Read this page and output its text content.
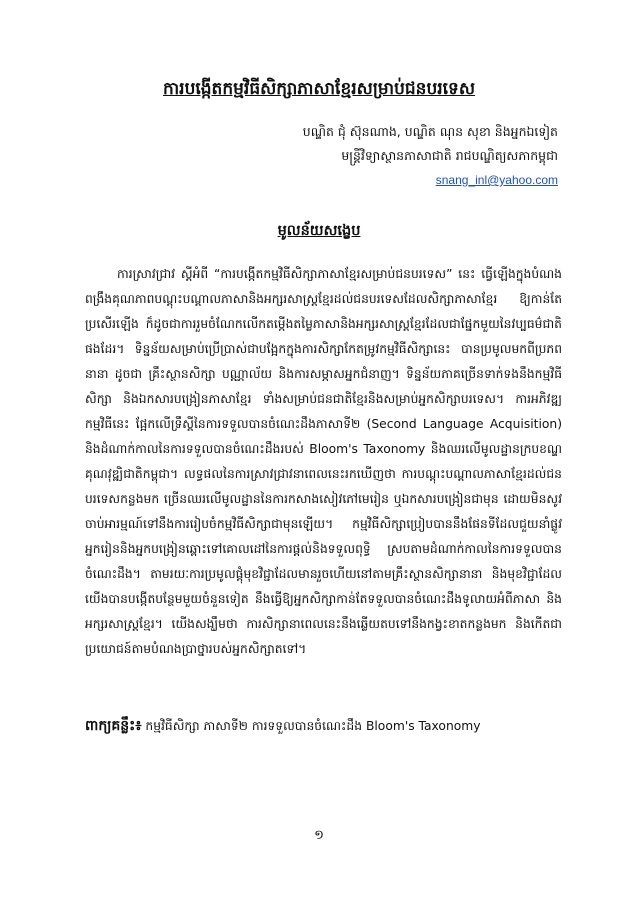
ការបង្កើតកម្មវិធីសិក្សាភាសាខ្មែរសម្រាប់ជនបរទេស
បណ្ឌិត ជុំ ស៊ុនណាង, បណ្ឌិត ណុន សុខា និងអ្នកឯទៀត
មន្ត្រីវិទ្យាស្ថានភាសាជាតិ រាជបណ្ឌិត្យសភាកម្ពុជា
snang_inl@yahoo.com
មូលន័យសង្ខេប

ការស្រាវជ្រាវ ស្ដីអំពី “ការបង្កើតកម្មវិធីសិក្សាភាសាខ្មែរសម្រាប់ជនបរទេស” នេះ ធ្វើឡើងក្នុងបំណងពង្រឹងគុណភាពបណ្ដុះបណ្ដាលភាសានិងអក្សរសាស្ត្រខ្មែរដល់ជនបរទេសដែលសិក្សាភាសាខ្មែរ ឱ្យកាន់តែប្រសើរឡើង ក៏ដូចជាការរួមចំណែកលើកតម្កើងតម្លៃភាសានិងអក្សរសាស្ត្រខ្មែរដែលជាផ្នែកមួយនៃវប្បធម៌ជាតិផងដែរ។ ទិន្នន័យសម្រាប់ប្រើប្រាស់ជាបង្អែកក្នុងការសិក្សាកែតម្រូវកម្មវិធីសិក្សានេះ បានប្រមូលមកពីប្រភពនានា ដូចជា គ្រឹះស្ថានសិក្សា បណ្ណាល័យ និងការសម្ភាសអ្នកជំនាញ។ ទិន្នន័យភាគច្រើនទាក់ទងនឹងកម្មវិធីសិក្សា និងឯកសារបង្រៀនភាសាខ្មែរ ទាំងសម្រាប់ជនជាតិខ្មែរនិងសម្រាប់អ្នកសិក្សាបរទេស។ ការអភិវឌ្ឍកម្មវិធីនេះ ផ្អែកលើទ្រឹស្ដីនៃការទទួលបានចំណេះដឹងភាសាទី២ (Second Language Acquisition) និងដំណាក់កាលនៃការទទួលបានចំណេះដឹងរបស់ Bloom's Taxonomy និងឈរលើមូលដ្ឋានក្របខណ្ឌគុណវុឌ្ឍិជាតិកម្ពុជា។ លទ្ធផលនៃការស្រាវជ្រាវនាពេលនេះរកឃើញថា ការបណ្ដុះបណ្ដាលភាសាខ្មែរដល់ជនបរទេសកន្លងមក ច្រើនឈរលើមូលដ្ឋាននៃការកសាងសៀវភៅមេរៀន ឬឯកសារបង្រៀនជាមុន ដោយមិនសូវចាប់អារម្មណ៍ទៅនឹងការរៀបចំកម្មវិធីសិក្សាជាមុនឡើយ។ កម្មវិធីសិក្សាប្រៀបបាននឹងផែនទីដែលជួយនាំផ្លូវអ្នករៀននិងអ្នកបង្រៀនឆ្ពោះទៅគោលដៅនៃការផ្ដល់និងទទួលពុទ្ធិ ស្របតាមដំណាក់កាលនៃការទទួលបានចំណេះដឹង។ តាមរយៈការប្រមូលផ្ដុំមុខវិជ្ជាដែលមានរួចហើយនៅតាមគ្រឹះស្ថានសិក្សានានា និងមុខវិជ្ជាដែលយើងបានបង្កើតបន្ថែមមួយចំនួនទៀត នឹងធ្វើឱ្យអ្នកសិក្សាកាន់តែទទួលបានចំណេះដឹងទូលាយអំពីភាសា និងអក្សរសាស្ត្រខ្មែរ។ យើងសង្ឃឹមថា ការសិក្សានាពេលនេះនឹងឆ្លើយតបទៅនឹងកង្វះខាតកន្លងមក និងកើតជាប្រយោជន៍តាមបំណងប្រាថ្នារបស់អ្នកសិក្សាតទៅ។

ពាក្យគន្លឹះ៖ កម្មវិធីសិក្សា ភាសាទី២ ការទទួលបានចំណេះដឹង Bloom's Taxonomy
១
